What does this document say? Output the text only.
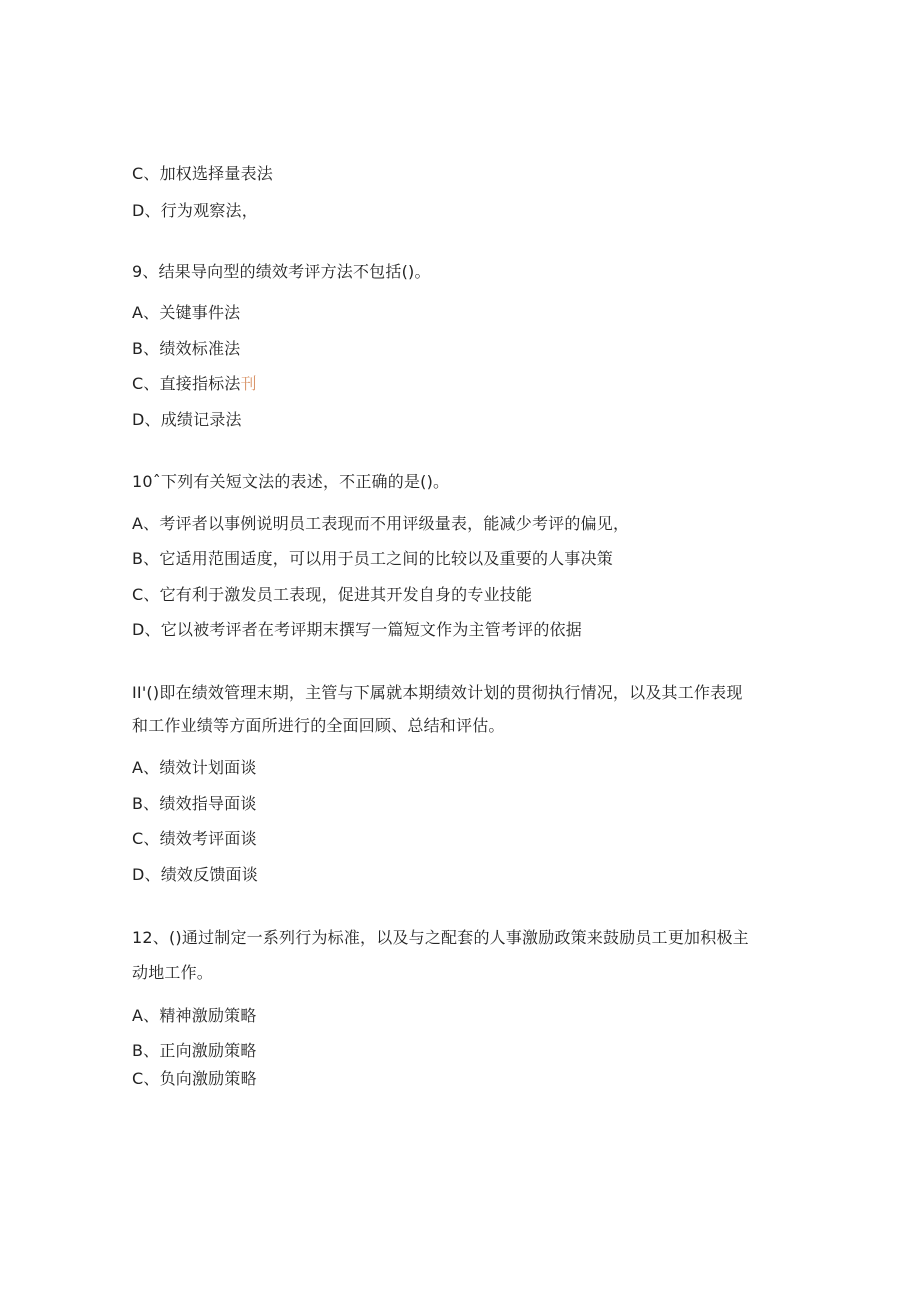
C、加权选择量表法
D、行为观察法，
9、结果导向型的绩效考评方法不包括()。
A、关键事件法
B、绩效标准法
C、直接指标法刊
D、成绩记录法
10ˆ下列有关短文法的表述，不正确的是()。
A、考评者以事例说明员工表现而不用评级量表，能减少考评的偏见，
B、它适用范围适度，可以用于员工之间的比较以及重要的人事决策
C、它有利于激发员工表现，促进其开发自身的专业技能
D、它以被考评者在考评期末撰写一篇短文作为主管考评的依据
II'()即在绩效管理末期，主管与下属就本期绩效计划的贯彻执行情况，以及其工作表现
和工作业绩等方面所进行的全面回顾、总结和评估。
A、绩效计划面谈
B、绩效指导面谈
C、绩效考评面谈
D、绩效反馈面谈
12、()通过制定一系列行为标准，以及与之配套的人事激励政策来鼓励员工更加积极主
动地工作。
A、精神激励策略
B、正向激励策略
C、负向激励策略
